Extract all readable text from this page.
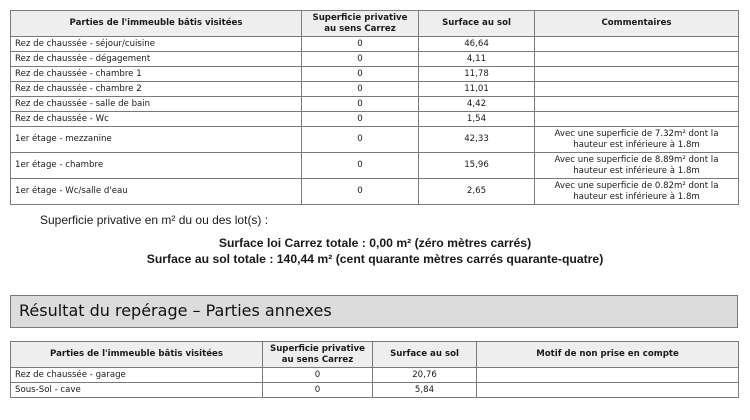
Parties de l'immeuble bâtis visitées	Superficie privative au sens Carrez	Surface au sol	Commentaires
Rez de chaussée - séjour/cuisine	0	46,64	
Rez de chaussée - dégagement	0	4,11	
Rez de chaussée - chambre 1	0	11,78	
Rez de chaussée - chambre 2	0	11,01	
Rez de chaussée - salle de bain	0	4,42	
Rez de chaussée - Wc	0	1,54	
1er étage - mezzanine	0	42,33	Avec une superficie de 7.32m² dont la hauteur est inférieure à 1.8m
1er étage - chambre	0	15,96	Avec une superficie de 8.89m² dont la hauteur est inférieure à 1.8m
1er étage - Wc/salle d'eau	0	2,65	Avec une superficie de 0.82m² dont la hauteur est inférieure à 1.8m
Superficie privative en m² du ou des lot(s) :
Surface loi Carrez totale : 0,00 m² (zéro mètres carrés)
Surface au sol totale : 140,44 m² (cent quarante mètres carrés quarante-quatre)
Résultat du repérage – Parties annexes
Parties de l'immeuble bâtis visitées	Superficie privative au sens Carrez	Surface au sol	Motif de non prise en compte
Rez de chaussée - garage	0	20,76	
Sous-Sol - cave	0	5,84	
